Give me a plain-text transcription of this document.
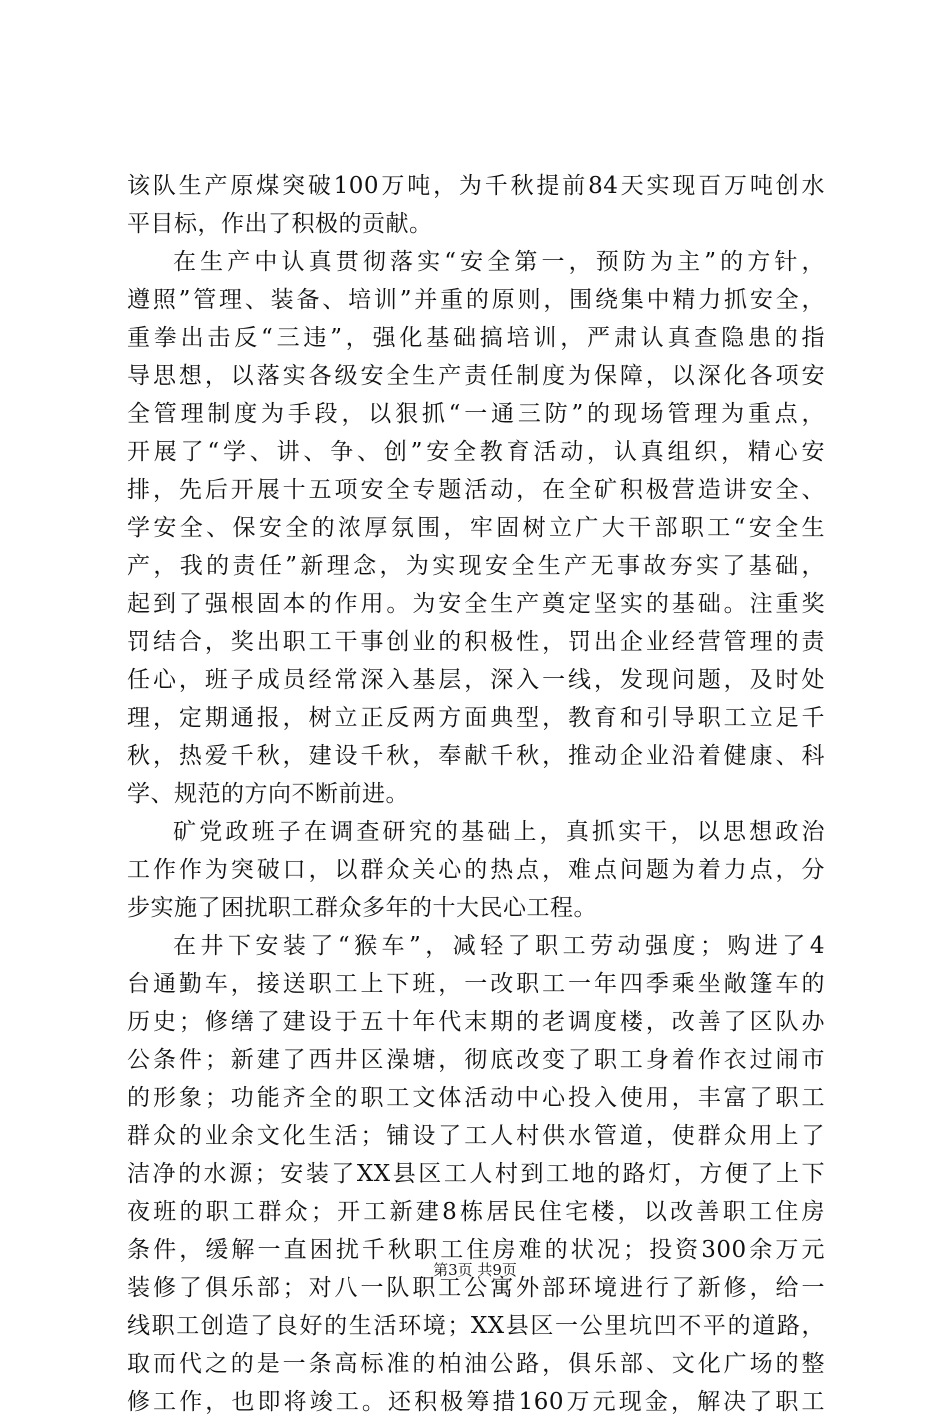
该队生产原煤突破100万吨，为千秋提前84天实现百万吨创水
平目标，作出了积极的贡献。
在生产中认真贯彻落实“安全第一，预防为主”的方针，
遵照”管理、装备、培训”并重的原则，围绕集中精力抓安全，
重拳出击反“三违”，强化基础搞培训，严肃认真查隐患的指
导思想，以落实各级安全生产责任制度为保障，以深化各项安
全管理制度为手段，以狠抓“一通三防”的现场管理为重点，
开展了“学、讲、争、创”安全教育活动，认真组织，精心安
排，先后开展十五项安全专题活动，在全矿积极营造讲安全、
学安全、保安全的浓厚氛围，牢固树立广大干部职工“安全生
产，我的责任”新理念，为实现安全生产无事故夯实了基础，
起到了强根固本的作用。为安全生产奠定坚实的基础。注重奖
罚结合，奖出职工干事创业的积极性，罚出企业经营管理的责
任心，班子成员经常深入基层，深入一线，发现问题，及时处
理，定期通报，树立正反两方面典型，教育和引导职工立足千
秋，热爱千秋，建设千秋，奉献千秋，推动企业沿着健康、科
学、规范的方向不断前进。
矿党政班子在调查研究的基础上，真抓实干，以思想政治
工作作为突破口，以群众关心的热点，难点问题为着力点，分
步实施了困扰职工群众多年的十大民心工程。
在井下安装了“猴车”，减轻了职工劳动强度；购进了4
台通勤车，接送职工上下班，一改职工一年四季乘坐敞篷车的
历史；修缮了建设于五十年代末期的老调度楼，改善了区队办
公条件；新建了西井区澡塘，彻底改变了职工身着作衣过闹市
的形象；功能齐全的职工文体活动中心投入使用，丰富了职工
群众的业余文化生活；铺设了工人村供水管道，使群众用上了
洁净的水源；安装了XX县区工人村到工地的路灯，方便了上下
夜班的职工群众；开工新建8栋居民住宅楼，以改善职工住房
条件，缓解一直困扰千秋职工住房难的状况；投资300余万元
装修了俱乐部；对八一队职工公寓外部环境进行了新修，给一
线职工创造了良好的生活环境；XX县区一公里坑凹不平的道路，
取而代之的是一条高标准的柏油公路，俱乐部、文化广场的整
修工作，也即将竣工。还积极筹措160万元现金，解决了职工
第3页 共9页
